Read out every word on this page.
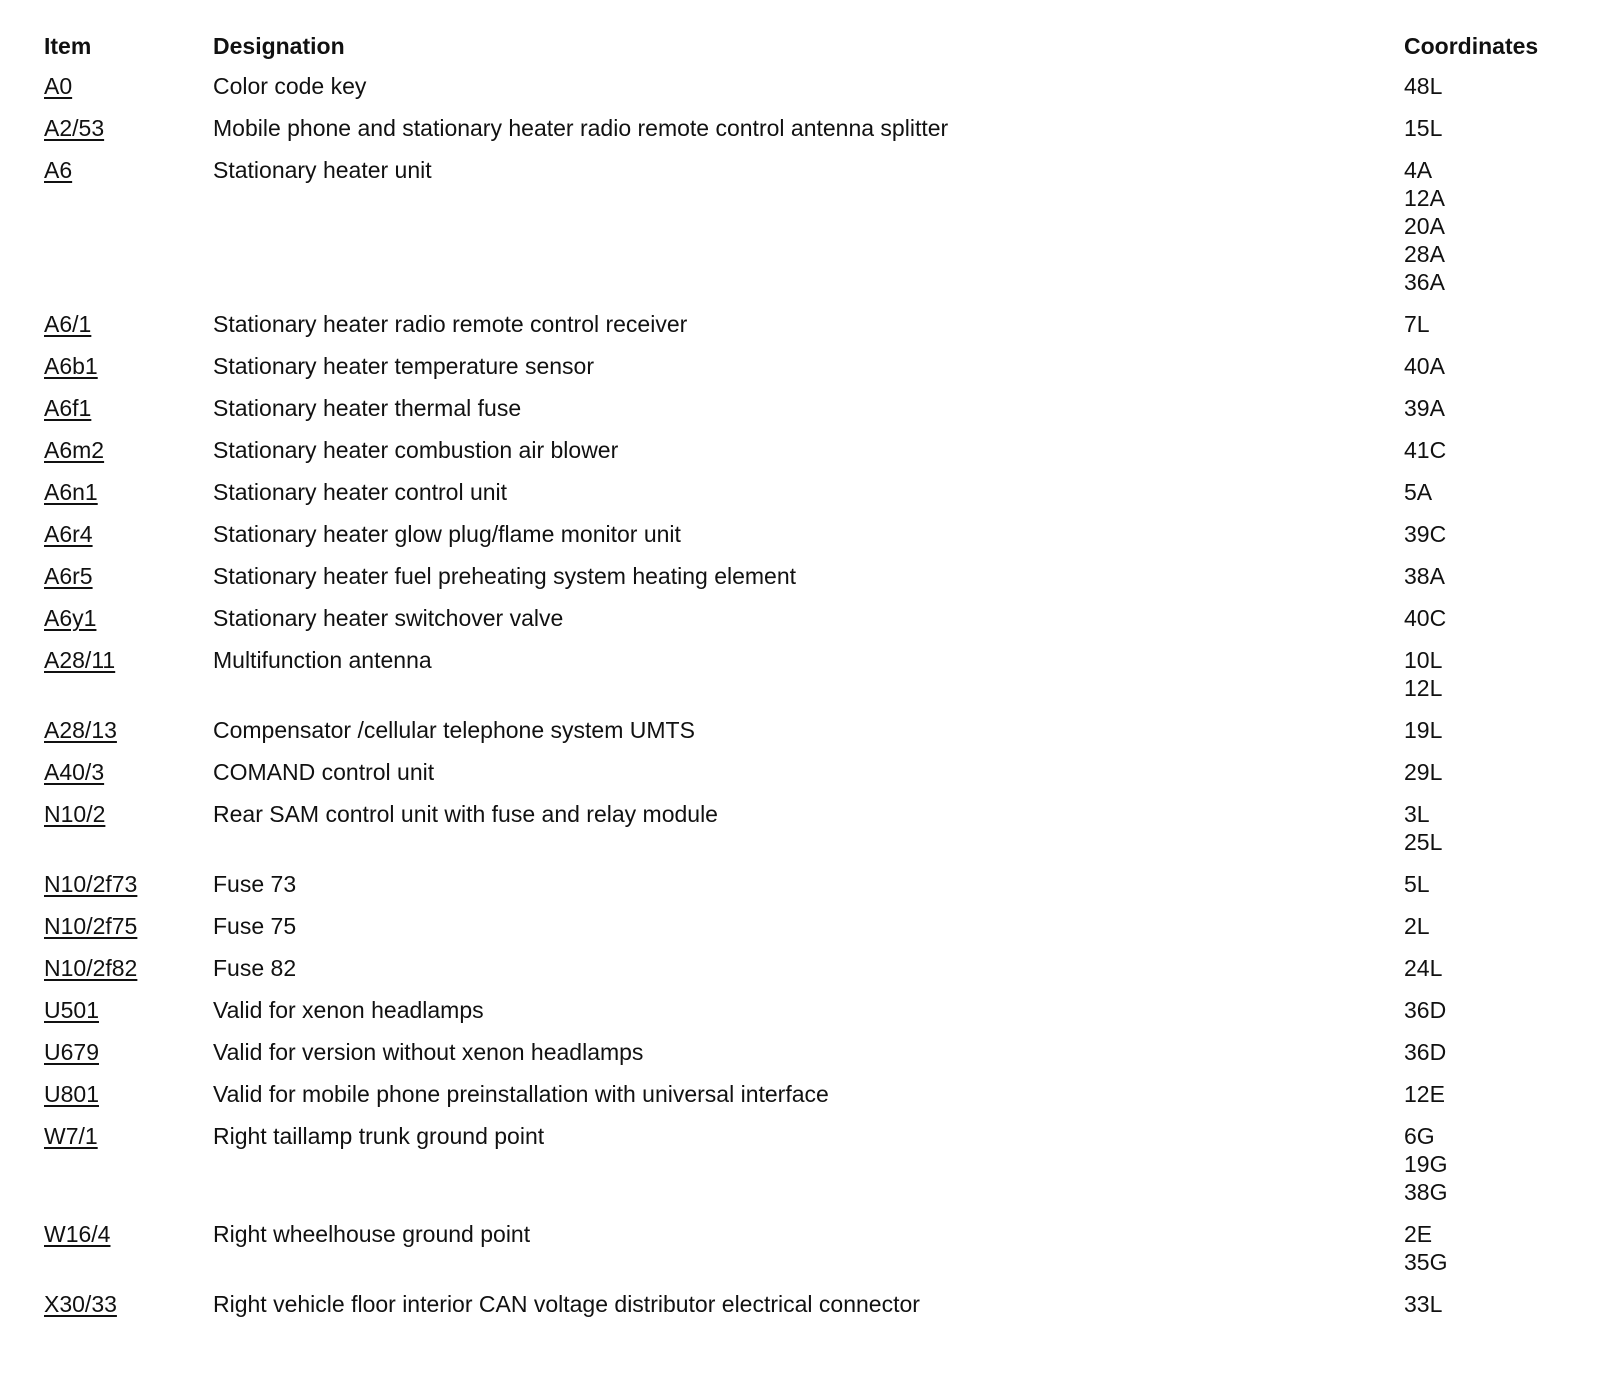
Item	Designation	Coordinates
A0	Color code key	48L

A2/53	Mobile phone and stationary heater radio remote control antenna splitter	15L

A6	Stationary heater unit	4A
12A
20A
28A
36A

A6/1	Stationary heater radio remote control receiver	7L

A6b1	Stationary heater temperature sensor	40A

A6f1	Stationary heater thermal fuse	39A

A6m2	Stationary heater combustion air blower	41C

A6n1	Stationary heater control unit	5A

A6r4	Stationary heater glow plug/flame monitor unit	39C

A6r5	Stationary heater fuel preheating system heating element	38A

A6y1	Stationary heater switchover valve	40C

A28/11	Multifunction antenna	10L
12L

A28/13	Compensator /cellular telephone system UMTS	19L

A40/3	COMAND control unit	29L

N10/2	Rear SAM control unit with fuse and relay module	3L
25L

N10/2f73	Fuse 73	5L

N10/2f75	Fuse 75	2L

N10/2f82	Fuse 82	24L

U501	Valid for xenon headlamps	36D

U679	Valid for version without xenon headlamps	36D

U801	Valid for mobile phone preinstallation with universal interface	12E

W7/1	Right taillamp trunk ground point	6G
19G
38G

W16/4	Right wheelhouse ground point	2E
35G

X30/33	Right vehicle floor interior CAN voltage distributor electrical connector	33L
